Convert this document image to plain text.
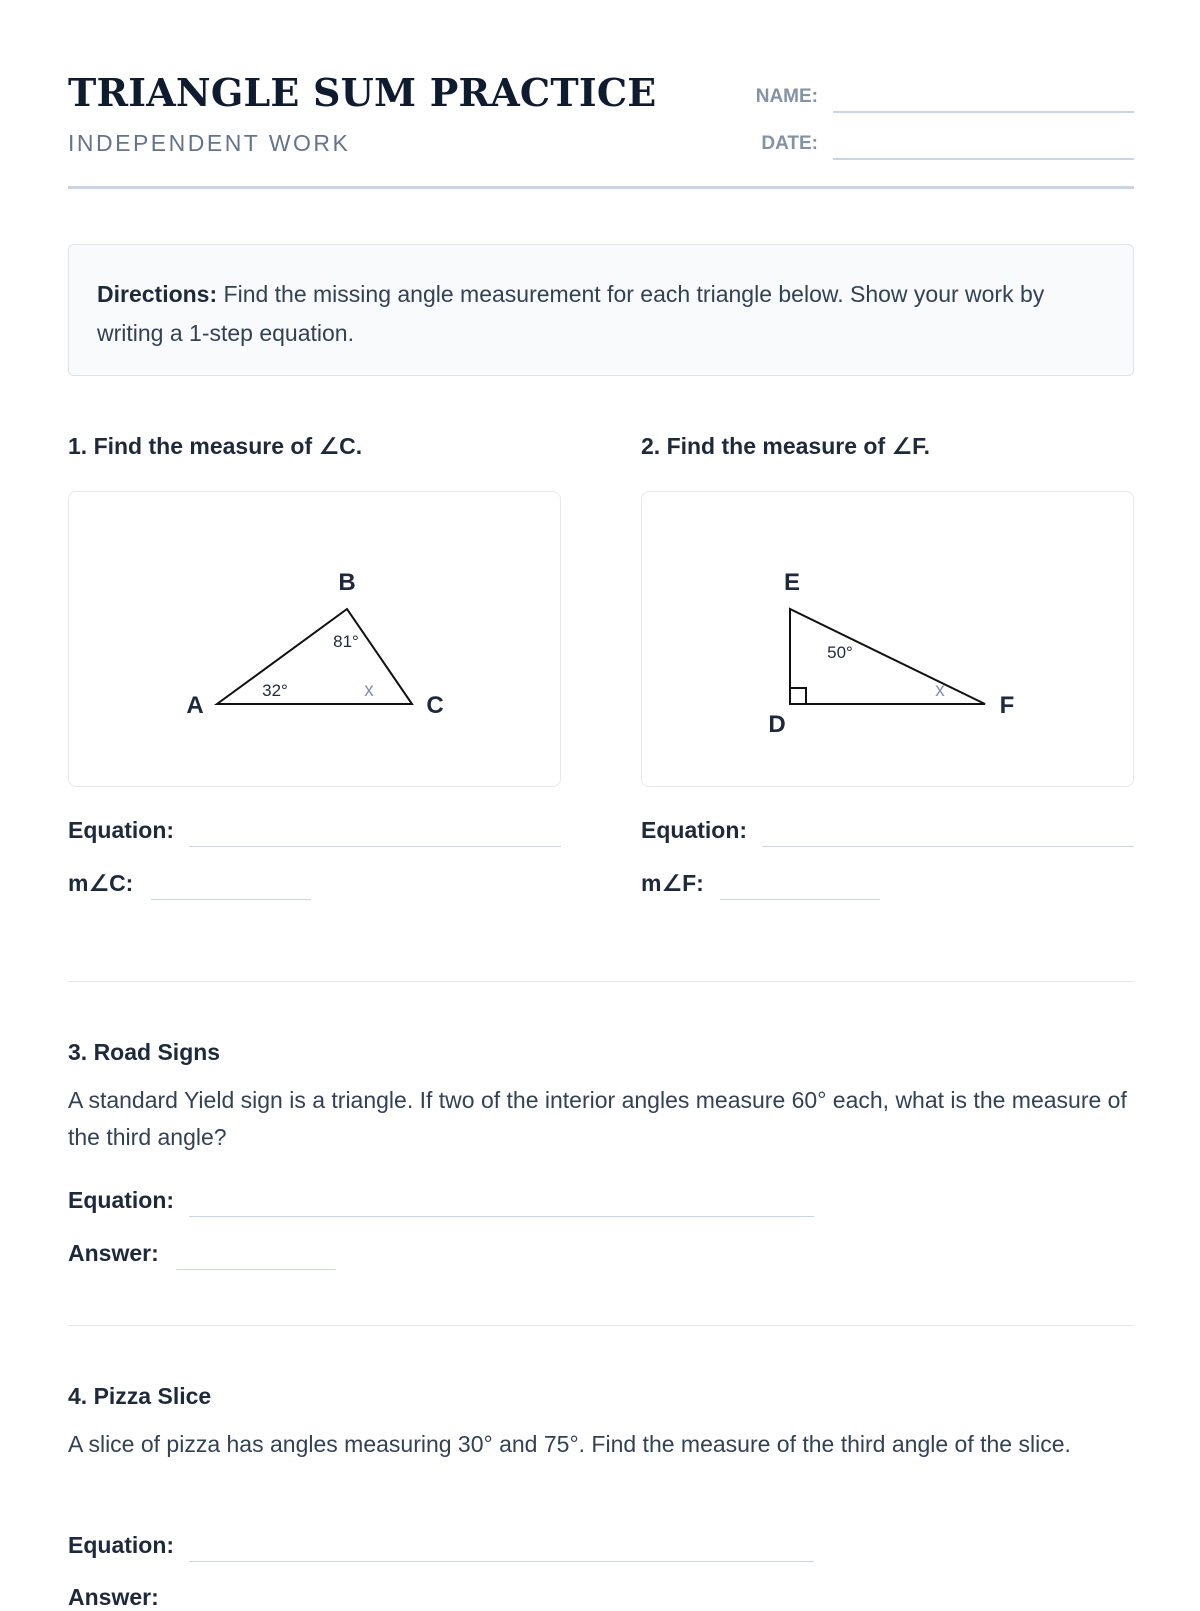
TRIANGLE SUM PRACTICE
INDEPENDENT WORK
NAME:
DATE:
Directions: Find the missing angle measurement for each triangle below. Show your work by writing a 1-step equation.
1. Find the measure of ∠C.
B
A	C
81°
32°	x
Equation:
m∠C:
2. Find the measure of ∠F.
E
D
F
50°
x
Equation:
m∠F:
3. Road Signs
A standard Yield sign is a triangle. If two of the interior angles measure 60° each, what is the measure of the third angle?
Equation:
Answer:
4. Pizza Slice
A slice of pizza has angles measuring 30° and 75°. Find the measure of the third angle of the slice.
Equation:
Answer:
